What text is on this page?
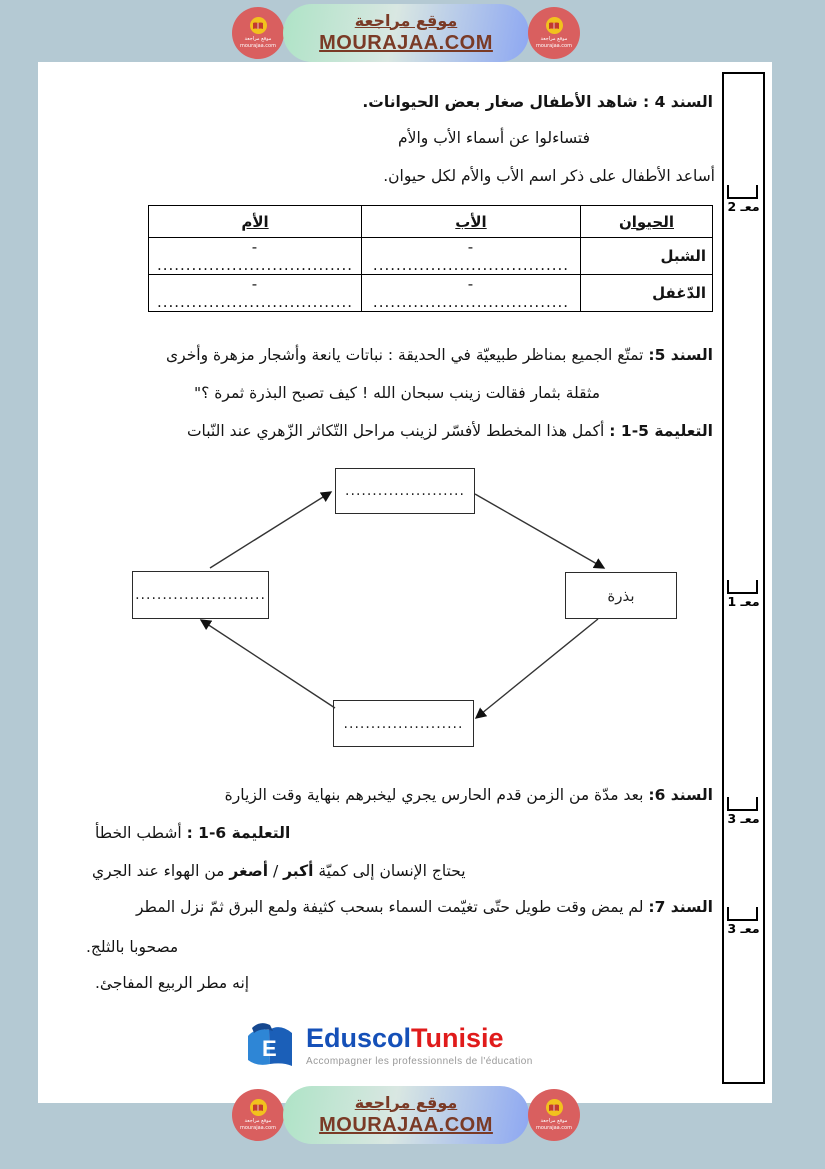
السند 4 : شاهد الأطفال صغار بعض الحيوانات.
فتساءلوا عن أسماء الأب والأم
أساعد الأطفال على ذكر اسم الأب والأم لكل حيوان.
الحيوان	الأب	الأم
الشبل	- ..................................	- ..................................
الدّغفل	- ..................................	- ..................................
السند 5: تمتّع الجميع بمناظر طبيعيّة في الحديقة : نباتات يانعة وأشجار مزهرة وأخرى
مثقلة بثمار فقالت زينب سبحان الله ! كيف تصبح البذرة ثمرة ؟"
التعليمة 5-1 : أكمل هذا المخطط لأفسّر لزينب مراحل التّكاثر الزّهري عند النّبات
......................
بذرة
........................
......................
السند 6: بعد مدّة من الزمن قدم الحارس يجري ليخبرهم بنهاية وقت الزيارة
التعليمة 6-1 : أشطب الخطأ
يحتاج الإنسان إلى كميّة أكبر / أصغر من الهواء عند الجري
السند 7: لم يمض وقت طويل حتّى تغيّمت السماء بسحب كثيفة ولمع البرق ثمّ نزل المطر
مصحوبا بالثلج.
إنه مطر الربيع المفاجئ.
معـ 2
معـ 1
معـ 3
معـ 3
E EduscolTunisie
Accompagner les professionnels de l'éducation
موقع مراجعة
mourajaa.com
موقع مراجعة
MOURAJAA.COM	موقع مراجعة
mourajaa.com
موقع مراجعة
mourajaa.com
موقع مراجعة
MOURAJAA.COM	موقع مراجعة
mourajaa.com
